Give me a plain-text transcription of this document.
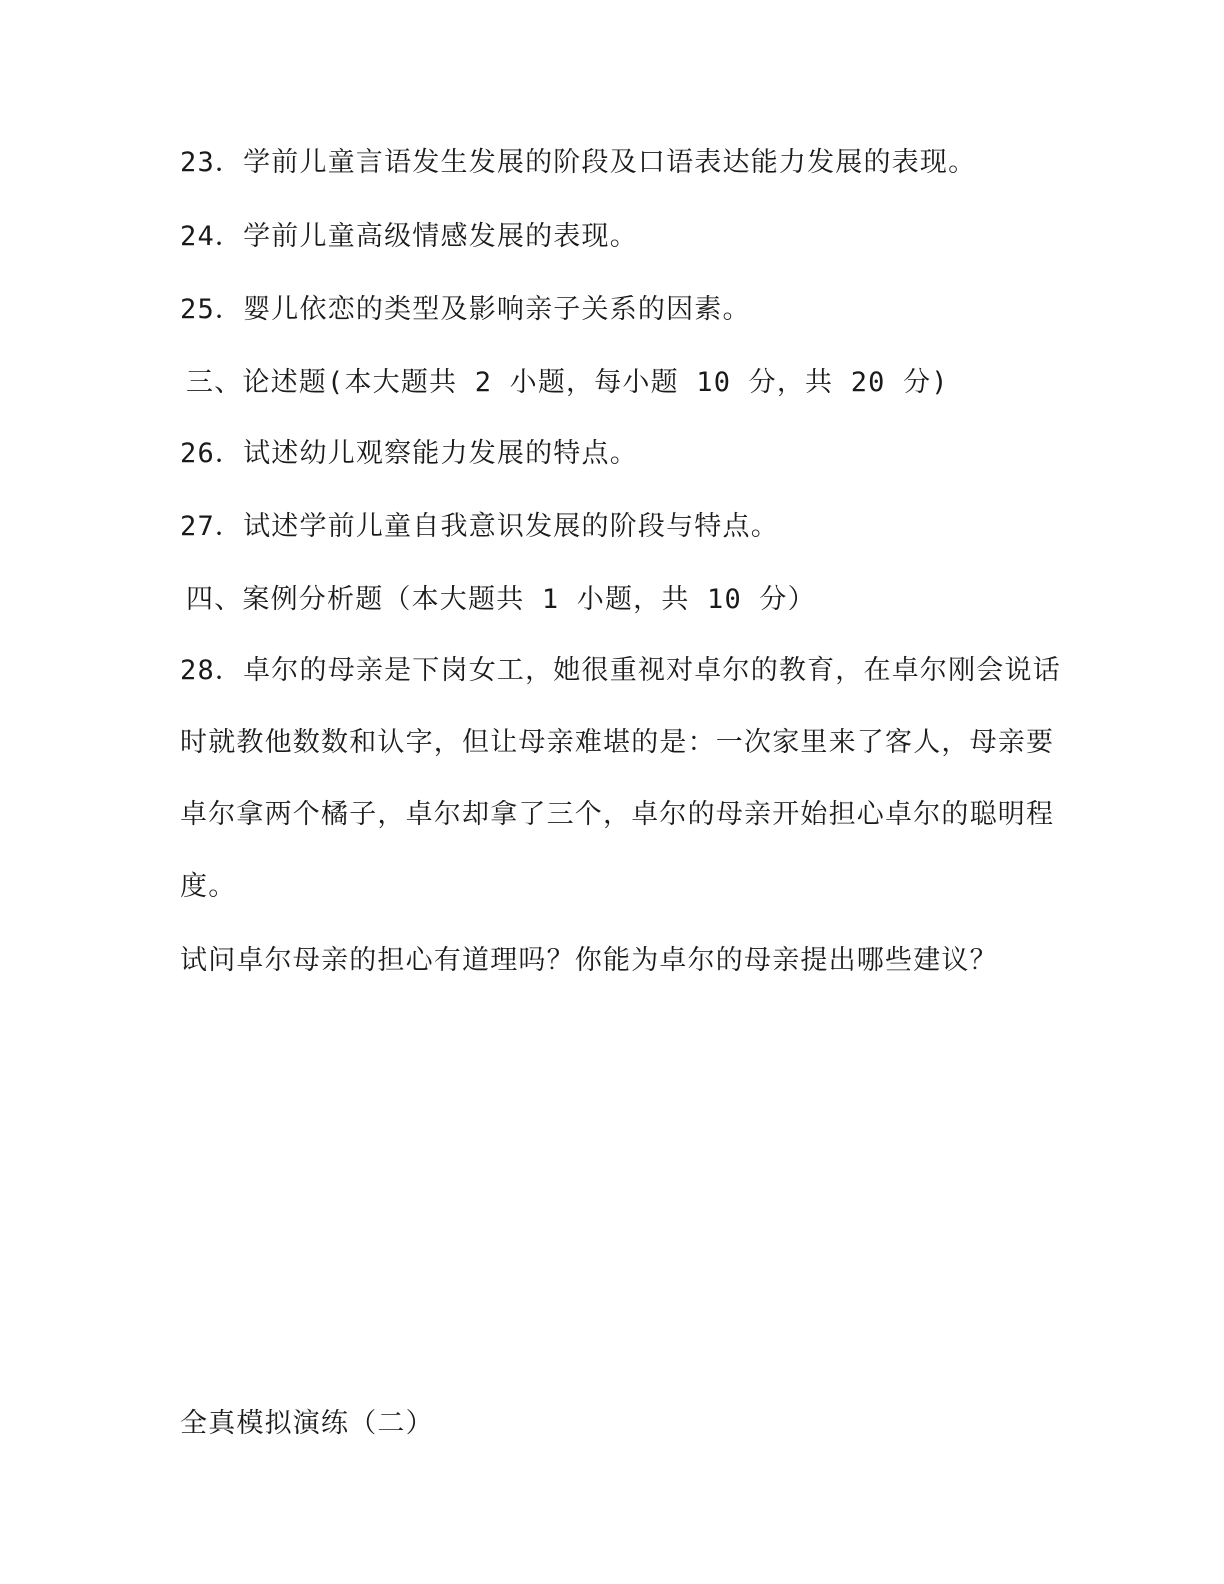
23．学前儿童言语发生发展的阶段及口语表达能力发展的表现。
24．学前儿童高级情感发展的表现。
25．婴儿依恋的类型及影响亲子关系的因素。
三、论述题(本大题共 2 小题，每小题 10 分，共 20 分)
26．试述幼儿观察能力发展的特点。
27．试述学前儿童自我意识发展的阶段与特点。
四、案例分析题（本大题共 1 小题，共 10 分）
28．卓尔的母亲是下岗女工，她很重视对卓尔的教育，在卓尔刚会说话
时就教他数数和认字，但让母亲难堪的是：一次家里来了客人，母亲要
卓尔拿两个橘子，卓尔却拿了三个，卓尔的母亲开始担心卓尔的聪明程
度。
试问卓尔母亲的担心有道理吗？你能为卓尔的母亲提出哪些建议？
全真模拟演练（二）
